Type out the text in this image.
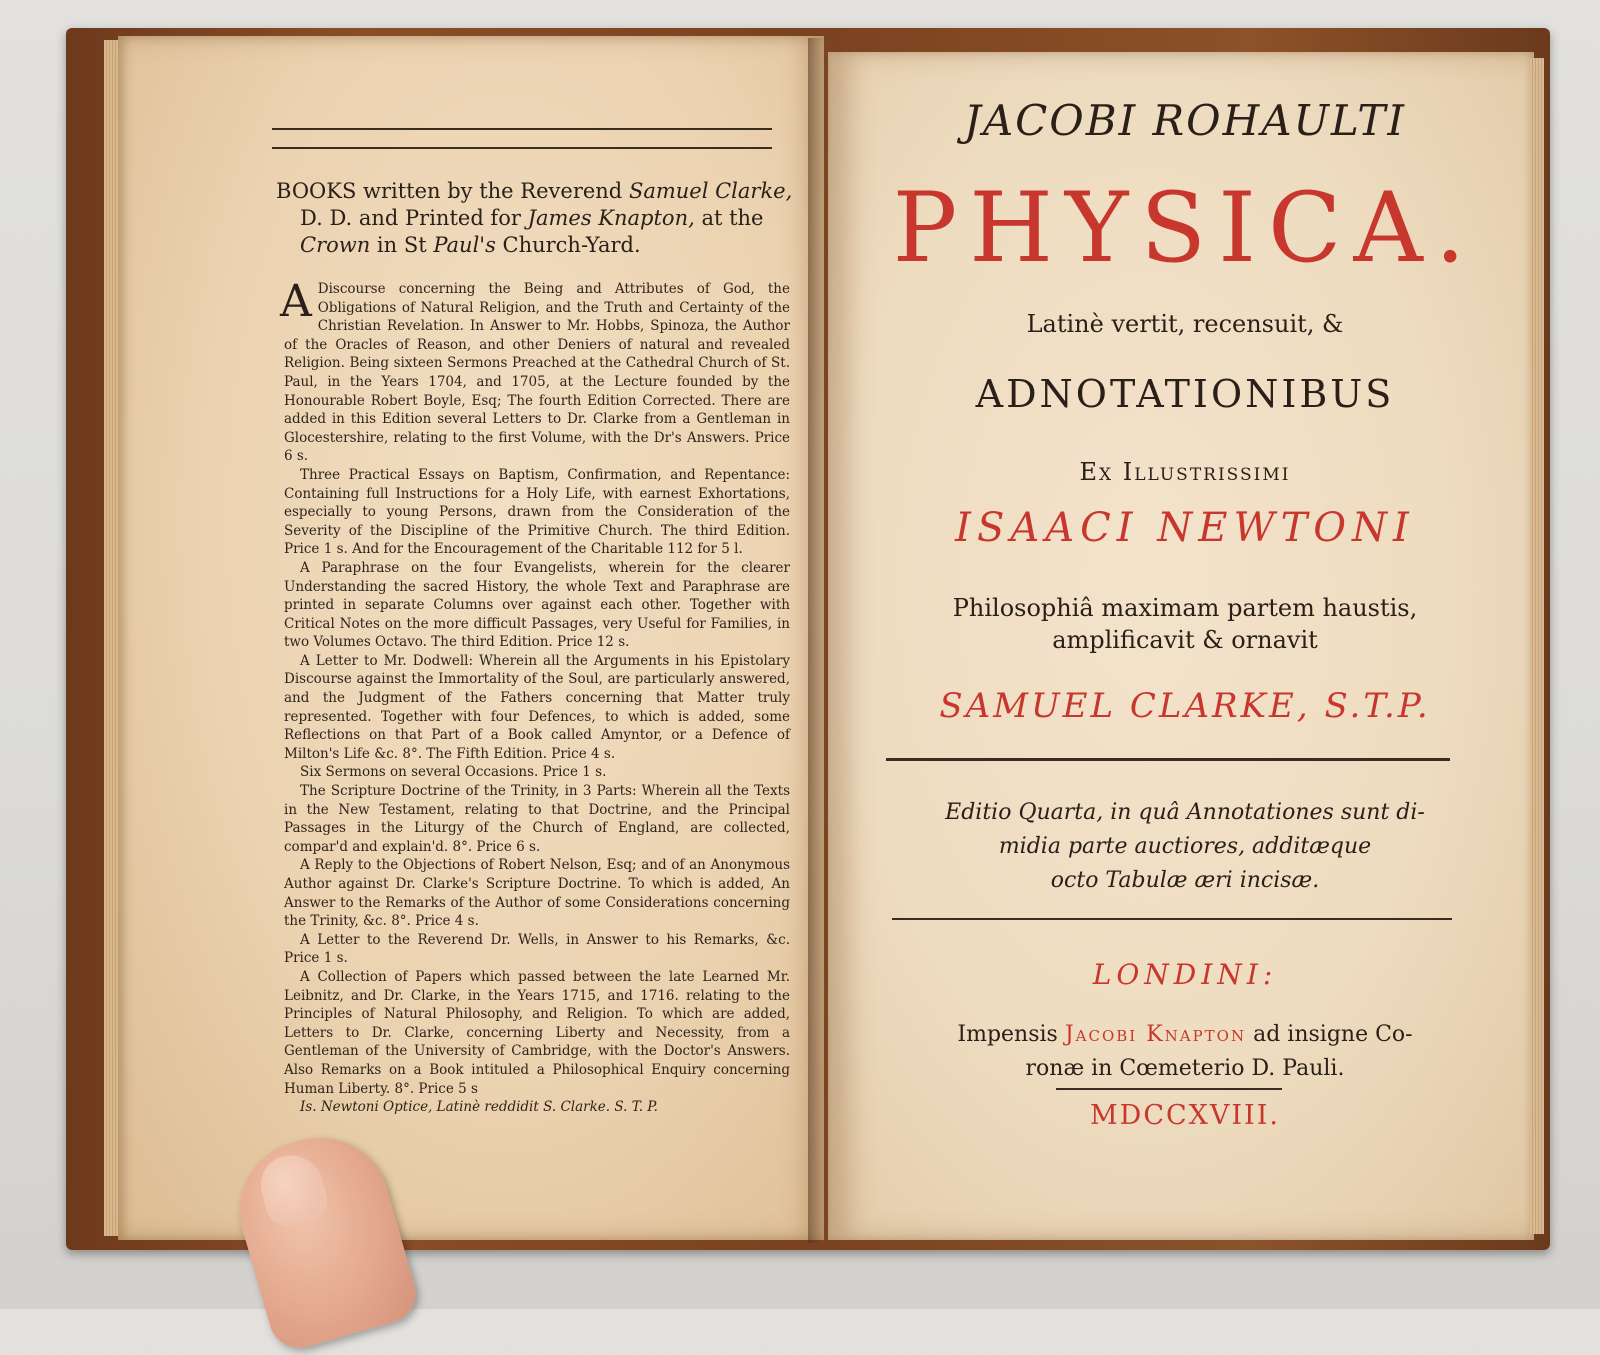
BOOKS written by the Reverend Samuel Clarke,
D. D. and Printed for James Knapton, at the
Crown in St Paul's Church-Yard.
A Discourse concerning the Being and Attributes of God, the Obligations of Natural Religion, and the Truth and Certainty of the Christian Revelation. In Answer to Mr. Hobbs, Spinoza, the Author of the Oracles of Reason, and other Deniers of natural and revealed Religion. Being sixteen Sermons Preached at the Cathedral Church of St. Paul, in the Years 1704, and 1705, at the Lecture founded by the Honourable Robert Boyle, Esq; The fourth Edition Corrected. There are added in this Edition several Letters to Dr. Clarke from a Gentleman in Glocestershire, relating to the first Volume, with the Dr's Answers. Price 6 s.

Three Practical Essays on Baptism, Confirmation, and Repentance: Containing full Instructions for a Holy Life, with earnest Exhortations, especially to young Persons, drawn from the Consideration of the Severity of the Discipline of the Primitive Church. The third Edition. Price 1 s. And for the Encouragement of the Charitable 112 for 5 l.

A Paraphrase on the four Evangelists, wherein for the clearer Understanding the sacred History, the whole Text and Paraphrase are printed in separate Columns over against each other. Together with Critical Notes on the more difficult Passages, very Useful for Families, in two Volumes Octavo. The third Edition. Price 12 s.

A Letter to Mr. Dodwell: Wherein all the Arguments in his Epistolary Discourse against the Immortality of the Soul, are particularly answered, and the Judgment of the Fathers concerning that Matter truly represented. Together with four Defences, to which is added, some Reflections on that Part of a Book called Amyntor, or a Defence of Milton's Life &c. 8°. The Fifth Edition. Price 4 s.

Six Sermons on several Occasions. Price 1 s.

The Scripture Doctrine of the Trinity, in 3 Parts: Wherein all the Texts in the New Testament, relating to that Doctrine, and the Principal Passages in the Liturgy of the Church of England, are collected, compar'd and explain'd. 8°. Price 6 s.

A Reply to the Objections of Robert Nelson, Esq; and of an Anonymous Author against Dr. Clarke's Scripture Doctrine. To which is added, An Answer to the Remarks of the Author of some Considerations concerning the Trinity, &c. 8°. Price 4 s.

A Letter to the Reverend Dr. Wells, in Answer to his Remarks, &c. Price 1 s.

A Collection of Papers which passed between the late Learned Mr. Leibnitz, and Dr. Clarke, in the Years 1715, and 1716. relating to the Principles of Natural Philosophy, and Religion. To which are added, Letters to Dr. Clarke, concerning Liberty and Necessity, from a Gentleman of the University of Cambridge, with the Doctor's Answers. Also Remarks on a Book intituled a Philosophical Enquiry concerning Human Liberty. 8°. Price 5 s

Is. Newtoni Optice, Latinè reddidit S. Clarke. S. T. P.

JACOBI ROHAULTI
PHYSICA.
Latinè vertit, recensuit, &
ADNOTATIONIBUS
Ex Illustrissimi
ISAACI NEWTONI
Philosophiâ maximam partem haustis,
amplificavit & ornavit
SAMUEL CLARKE, S.T.P.
Editio Quarta, in quâ Annotationes sunt di-
midia parte auctiores, additæque
octo Tabulæ æri incisæ.
LONDINI:
Impensis Jacobi Knapton ad insigne Co-
ronæ in Cœmeterio D. Pauli.
MDCCXVIII.
